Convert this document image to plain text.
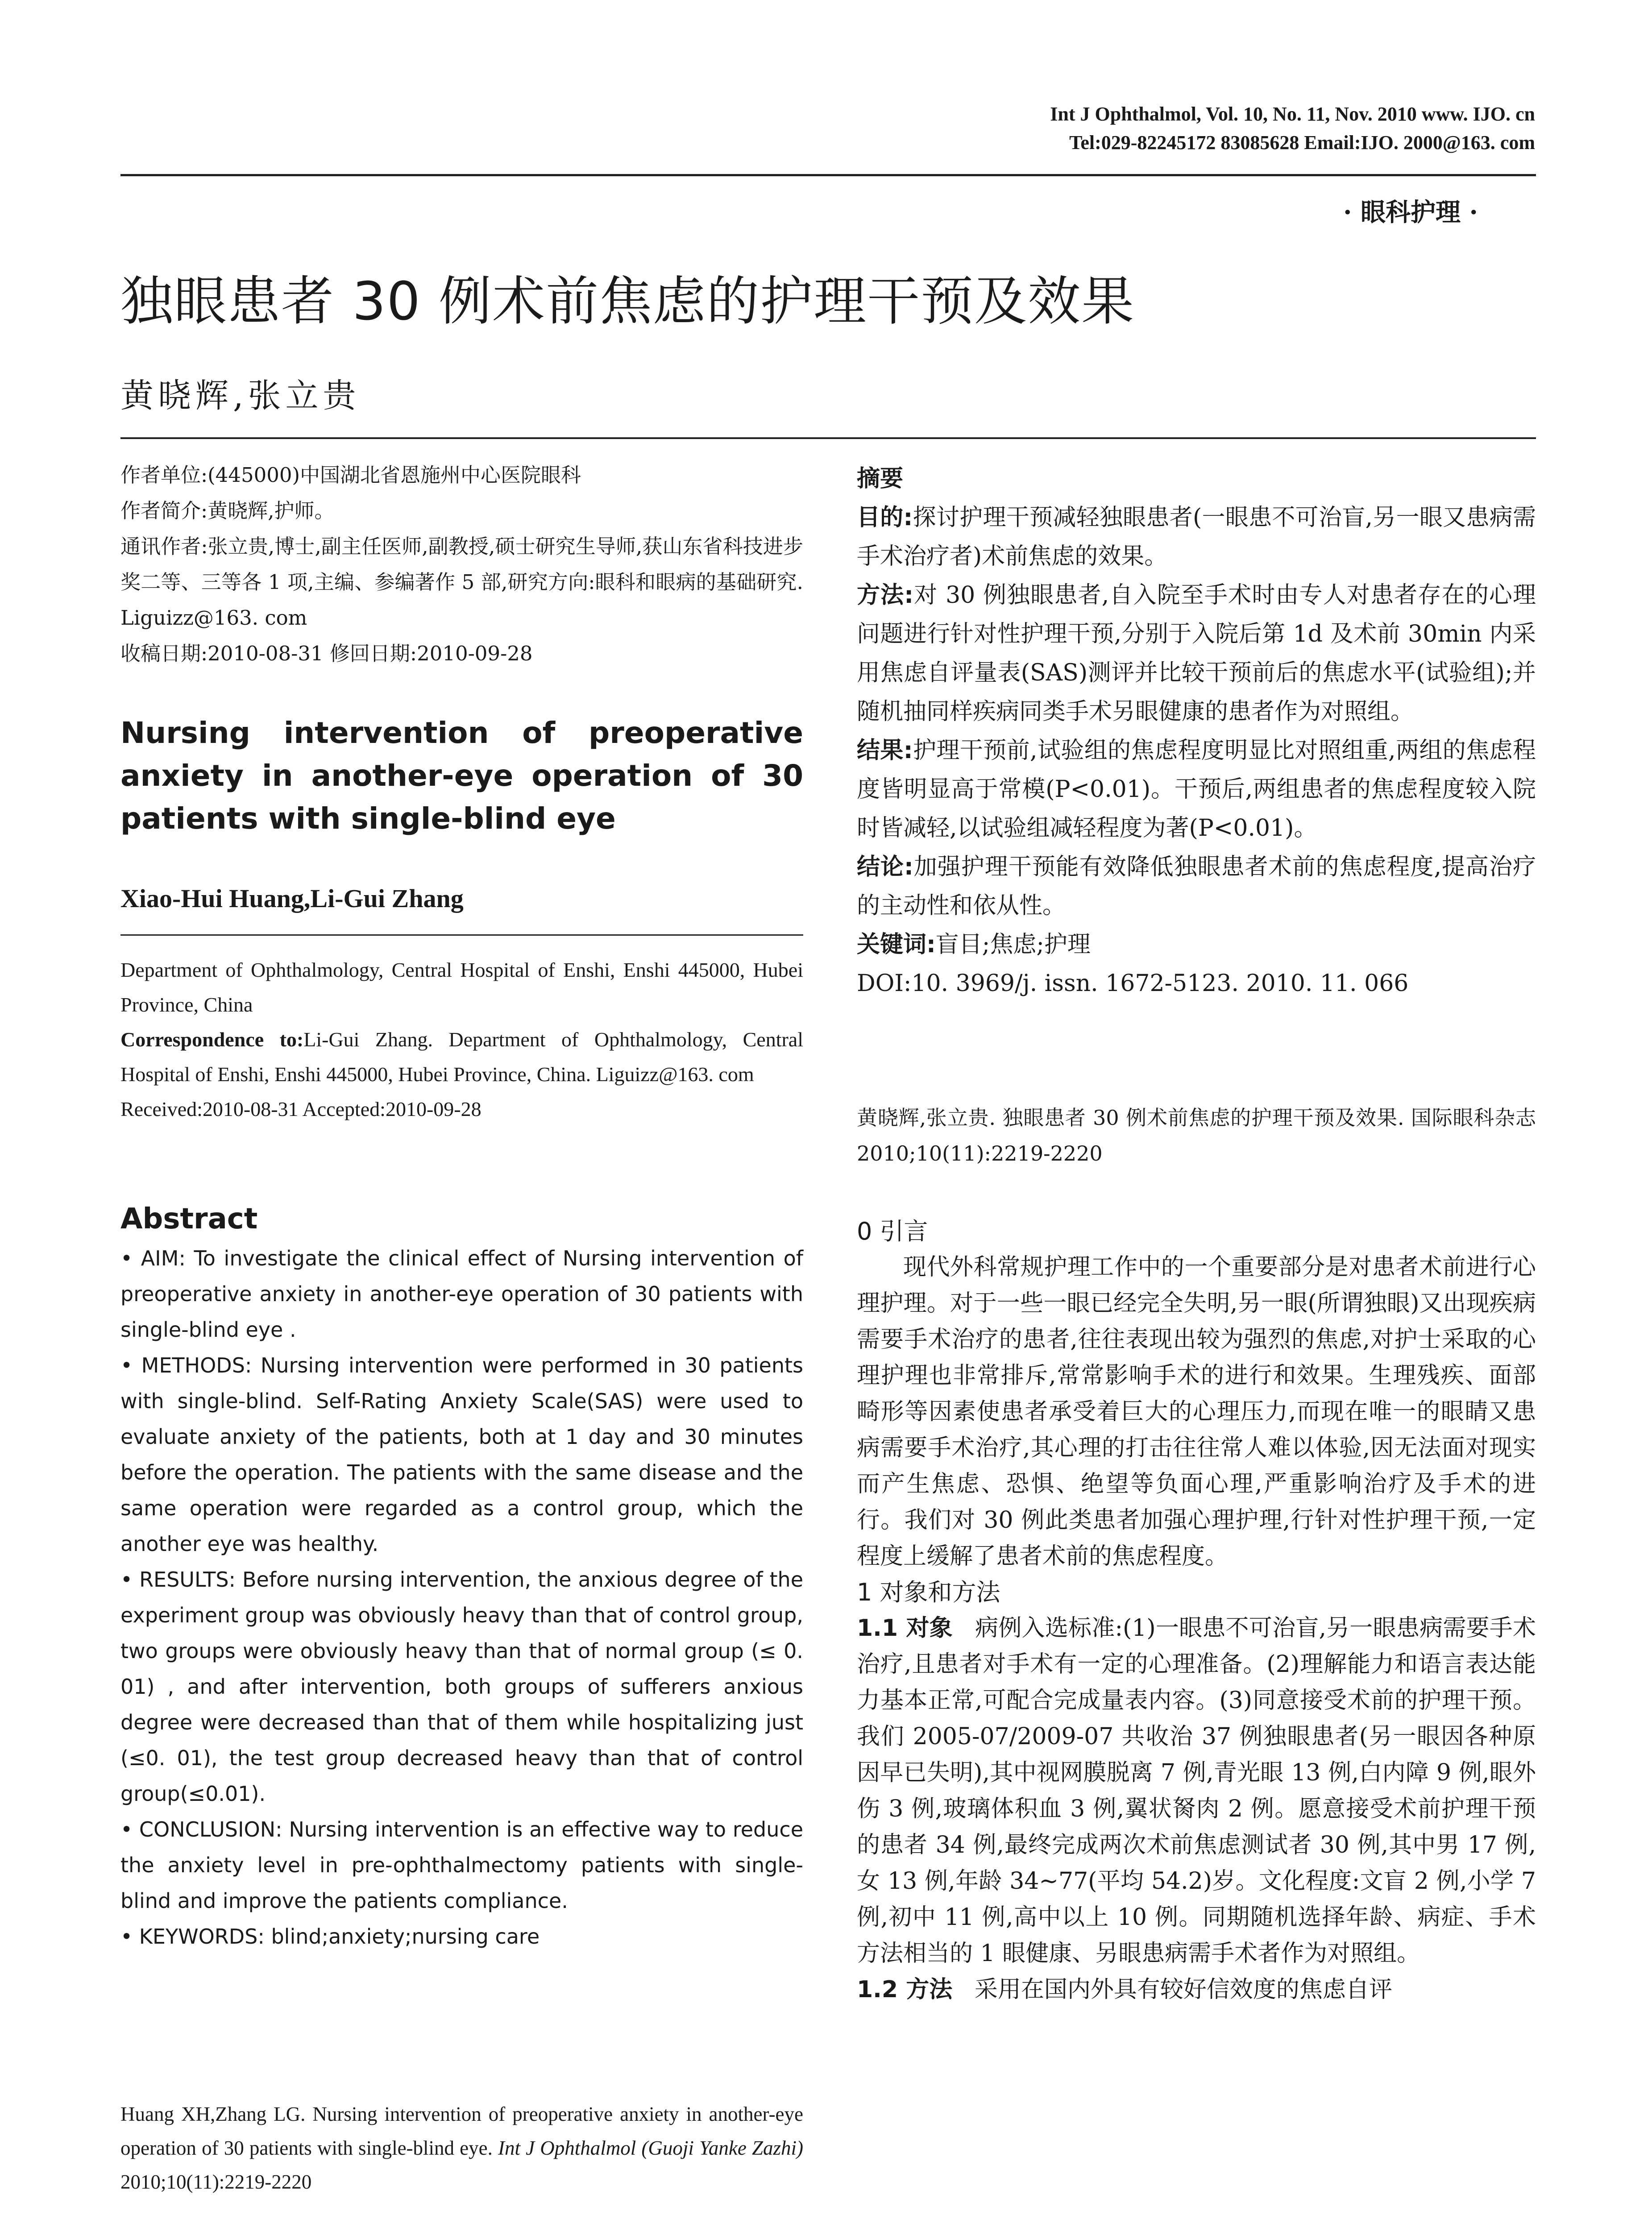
Int J Ophthalmol, Vol. 10, No. 11, Nov. 2010 www. IJO. cn
Tel:029-82245172 83085628 Email:IJO. 2000@163. com
· 眼科护理 ·
独眼患者 30 例术前焦虑的护理干预及效果
黄晓辉,张立贵

作者单位:(445000)中国湖北省恩施州中心医院眼科

作者简介:黄晓辉,护师。

通讯作者:张立贵,博士,副主任医师,副教授,硕士研究生导师,获山东省科技进步奖二等、三等各 1 项,主编、参编著作 5 部,研究方向:眼科和眼病的基础研究. Liguizz@163. com

收稿日期:2010-08-31 修回日期:2010-09-28

Nursing intervention of preoperative anxiety in another-eye operation of 30 patients with single-blind eye
Xiao-Hui Huang,Li-Gui Zhang

Department of Ophthalmology, Central Hospital of Enshi, Enshi 445000, Hubei Province, China

Correspondence to:Li-Gui Zhang. Department of Ophthalmology, Central Hospital of Enshi, Enshi 445000, Hubei Province, China. Liguizz@163. com

Received:2010-08-31 Accepted:2010-09-28

Abstract

• AIM: To investigate the clinical effect of Nursing intervention of preoperative anxiety in another-eye operation of 30 patients with single-blind eye .

• METHODS: Nursing intervention were performed in 30 patients with single-blind. Self-Rating Anxiety Scale(SAS) were used to evaluate anxiety of the patients, both at 1 day and 30 minutes before the operation. The patients with the same disease and the same operation were regarded as a control group, which the another eye was healthy.

• RESULTS: Before nursing intervention, the anxious degree of the experiment group was obviously heavy than that of control group, two groups were obviously heavy than that of normal group (≤ 0. 01) , and after intervention, both groups of sufferers anxious degree were decreased than that of them while hospitalizing just (≤0. 01), the test group decreased heavy than that of control group(≤0.01).

• CONCLUSION: Nursing intervention is an effective way to reduce the anxiety level in pre-ophthalmectomy patients with single-blind and improve the patients compliance.

• KEYWORDS: blind;anxiety;nursing care

Huang XH,Zhang LG. Nursing intervention of preoperative anxiety in another-eye operation of 30 patients with single-blind eye. Int J Ophthalmol (Guoji Yanke Zazhi) 2010;10(11):2219-2220

摘要

目的:探讨护理干预减轻独眼患者(一眼患不可治盲,另一眼又患病需手术治疗者)术前焦虑的效果。

方法:对 30 例独眼患者,自入院至手术时由专人对患者存在的心理问题进行针对性护理干预,分别于入院后第 1d 及术前 30min 内采用焦虑自评量表(SAS)测评并比较干预前后的焦虑水平(试验组);并随机抽同样疾病同类手术另眼健康的患者作为对照组。

结果:护理干预前,试验组的焦虑程度明显比对照组重,两组的焦虑程度皆明显高于常模(P<0.01)。干预后,两组患者的焦虑程度较入院时皆减轻,以试验组减轻程度为著(P<0.01)。

结论:加强护理干预能有效降低独眼患者术前的焦虑程度,提高治疗的主动性和依从性。

关键词:盲目;焦虑;护理

DOI:10. 3969/j. issn. 1672-5123. 2010. 11. 066

黄晓辉,张立贵. 独眼患者 30 例术前焦虑的护理干预及效果. 国际眼科杂志 2010;10(11):2219-2220

0 引言

现代外科常规护理工作中的一个重要部分是对患者术前进行心理护理。对于一些一眼已经完全失明,另一眼(所谓独眼)又出现疾病需要手术治疗的患者,往往表现出较为强烈的焦虑,对护士采取的心理护理也非常排斥,常常影响手术的进行和效果。生理残疾、面部畸形等因素使患者承受着巨大的心理压力,而现在唯一的眼睛又患病需要手术治疗,其心理的打击往往常人难以体验,因无法面对现实而产生焦虑、恐惧、绝望等负面心理,严重影响治疗及手术的进行。我们对 30 例此类患者加强心理护理,行针对性护理干预,一定程度上缓解了患者术前的焦虑程度。

1 对象和方法

1.1 对象 病例入选标准:(1)一眼患不可治盲,另一眼患病需要手术治疗,且患者对手术有一定的心理准备。(2)理解能力和语言表达能力基本正常,可配合完成量表内容。(3)同意接受术前的护理干预。我们 2005-07/2009-07 共收治 37 例独眼患者(另一眼因各种原因早已失明),其中视网膜脱离 7 例,青光眼 13 例,白内障 9 例,眼外伤 3 例,玻璃体积血 3 例,翼状胬肉 2 例。愿意接受术前护理干预的患者 34 例,最终完成两次术前焦虑测试者 30 例,其中男 17 例,女 13 例,年龄 34~77(平均 54.2)岁。文化程度:文盲 2 例,小学 7 例,初中 11 例,高中以上 10 例。同期随机选择年龄、病症、手术方法相当的 1 眼健康、另眼患病需手术者作为对照组。

1.2 方法 采用在国内外具有较好信效度的焦虑自评
